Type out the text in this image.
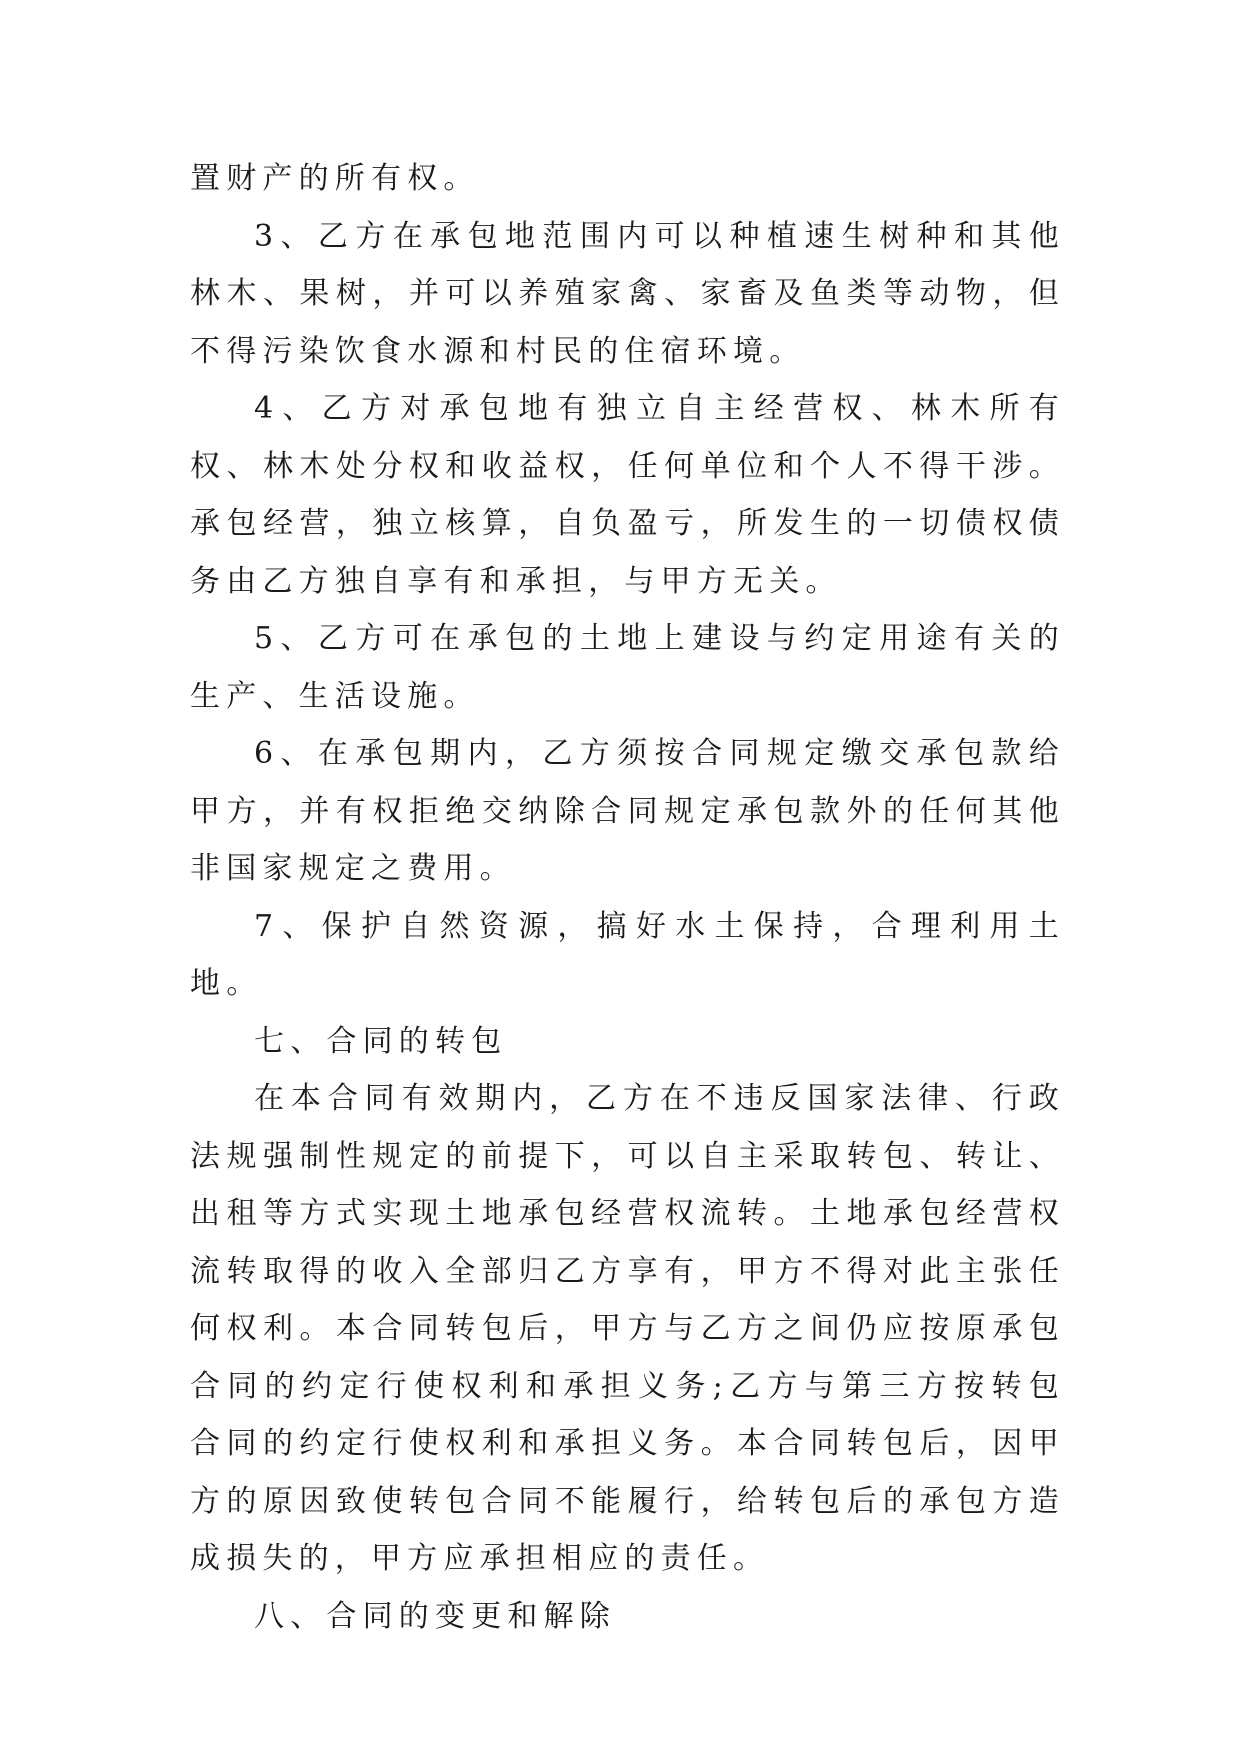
置财产的所有权。

3、乙方在承包地范围内可以种植速生树种和其他林木、果树，并可以养殖家禽、家畜及鱼类等动物，但不得污染饮食水源和村民的住宿环境。

4、乙方对承包地有独立自主经营权、林木所有权、林木处分权和收益权，任何单位和个人不得干涉。承包经营，独立核算，自负盈亏，所发生的一切债权债务由乙方独自享有和承担，与甲方无关。

5、乙方可在承包的土地上建设与约定用途有关的生产、生活设施。

6、在承包期内，乙方须按合同规定缴交承包款给甲方，并有权拒绝交纳除合同规定承包款外的任何其他非国家规定之费用。

7、保护自然资源，搞好水土保持，合理利用土地。

七、合同的转包

在本合同有效期内，乙方在不违反国家法律、行政法规强制性规定的前提下，可以自主采取转包、转让、出租等方式实现土地承包经营权流转。土地承包经营权流转取得的收入全部归乙方享有，甲方不得对此主张任何权利。本合同转包后，甲方与乙方之间仍应按原承包合同的约定行使权利和承担义务;乙方与第三方按转包合同的约定行使权利和承担义务。本合同转包后，因甲方的原因致使转包合同不能履行，给转包后的承包方造成损失的，甲方应承担相应的责任。

八、合同的变更和解除
